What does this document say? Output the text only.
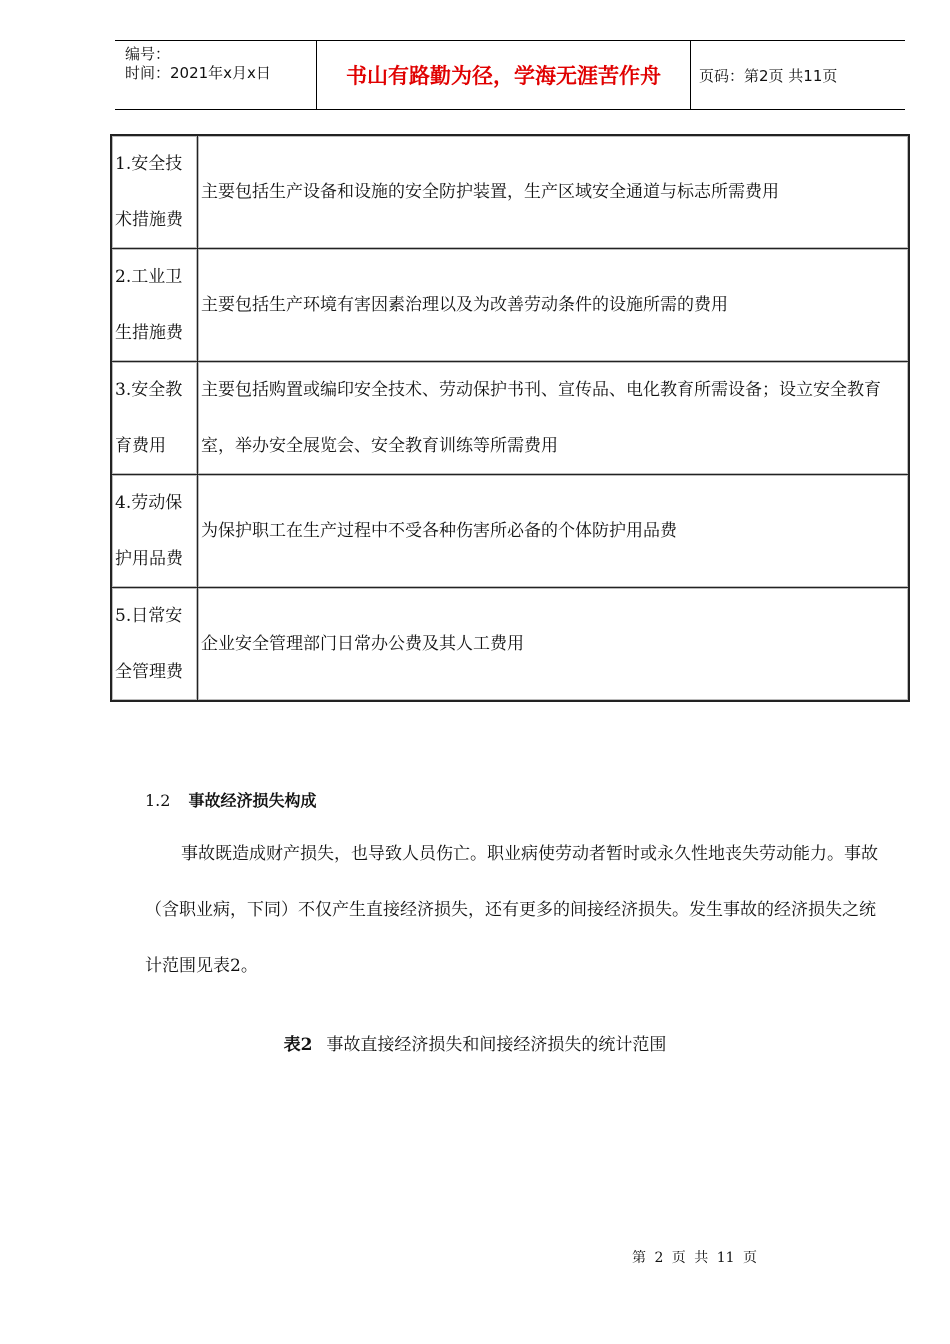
编号：
时间：2021年x月x日	书山有路勤为径，学海无涯苦作舟	页码：第2页 共11页
1.安全技术措施费	主要包括生产设备和设施的安全防护装置，生产区域安全通道与标志所需费用
2.工业卫生措施费	主要包括生产环境有害因素治理以及为改善劳动条件的设施所需的费用
3.安全教育费用	主要包括购置或编印安全技术、劳动保护书刊、宣传品、电化教育所需设备；设立安全教育室，举办安全展览会、安全教育训练等所需费用
4.劳动保护用品费	为保护职工在生产过程中不受各种伤害所必备的个体防护用品费
5.日常安全管理费	企业安全管理部门日常办公费及其人工费用
1.2 事故经济损失构成
事故既造成财产损失，也导致人员伤亡。职业病使劳动者暂时或永久性地丧失劳动能力。事故（含职业病，下同）不仅产生直接经济损失，还有更多的间接经济损失。发生事故的经济损失之统计范围见表2。
表2 事故直接经济损失和间接经济损失的统计范围
第 2 页 共 11 页
